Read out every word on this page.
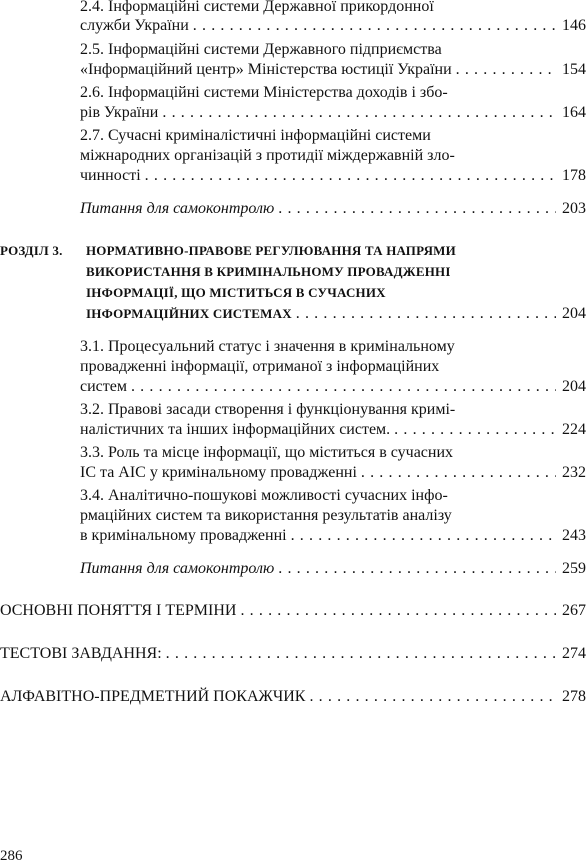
2.4. Інформаційні системи Державної прикордонної
служби України . . .	146
2.5. Інформаційні системи Державного підприємства
«Інформаційний центр» Міністерства юстиції України . . .	154
2.6. Інформаційні системи Міністерства доходів і збо-
рів України . . .	164
2.7. Сучасні криміналістичні інформаційні системи
міжнародних організацій з протидії міждержавній зло-
чинності . . .	178
Питання для самоконтролю . . .	203
РОЗДІЛ 3. НОРМАТИВНО-ПРАВОВЕ РЕГУЛЮВАННЯ ТА НАПРЯМИ
ВИКОРИСТАННЯ В КРИМІНАЛЬНОМУ ПРОВАДЖЕННІ
ІНФОРМАЦІЇ, ЩО МІСТИТЬСЯ В СУЧАСНИХ
ІНФОРМАЦІЙНИХ СИСТЕМАХ . . .	204
3.1. Процесуальний статус і значення в кримінальному
провадженні інформації, отриманої з інформаційних
систем . . .	204
3.2. Правові засади створення і функціонування кримі-
налістичних та інших інформаційних систем. . . .	224
3.3. Роль та місце інформації, що міститься в сучасних
ІС та АІС у кримінальному провадженні . . .	232
3.4. Аналітично-пошукові можливості сучасних інфо-
рмаційних систем та використання результатів аналізу
в кримінальному провадженні . . .	243
Питання для самоконтролю . . .	259
ОСНОВНІ ПОНЯТТЯ І ТЕРМІНИ . . .	267
ТЕСТОВІ ЗАВДАННЯ: . . .	274
АЛФАВІТНО-ПРЕДМЕТНИЙ ПОКАЖЧИК . . .	278
286
